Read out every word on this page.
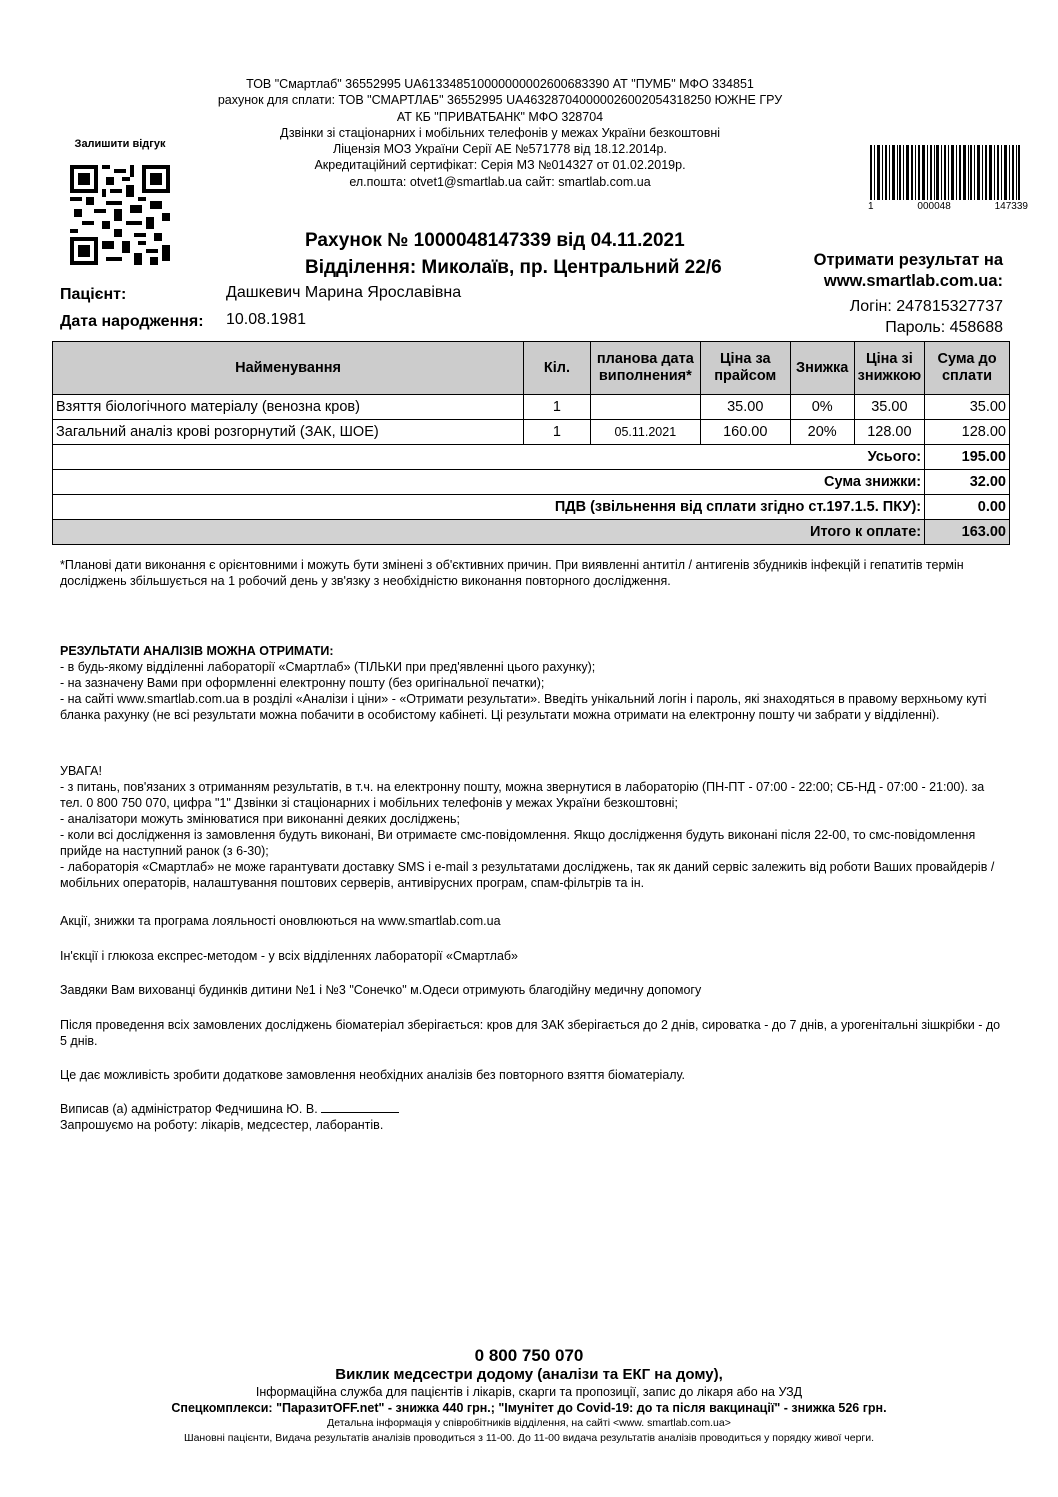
ТОВ "Смартлаб" 36552995 UA613348510000000002600683390 АТ "ПУМБ" МФО 334851
рахунок для сплати: ТОВ "СМАРТЛАБ" 36552995 UA463287040000026002054318250 ЮЖНЕ ГРУ
АТ КБ "ПРИВАТБАНК" МФО 328704
Дзвінки зі стаціонарних і мобільних телефонів у межах України безкоштовні
Ліцензія МОЗ України Серії АЕ №571778 від 18.12.2014р.
Акредитаційний сертифікат: Серія МЗ №014327 от 01.02.2019р.
ел.пошта: otvet1@smartlab.ua сайт: smartlab.com.ua
Залишити відгук
1	000048	147339
Рахунок № 1000048147339 від 04.11.2021
Відділення: Миколаїв, пр. Центральний 22/6	Отримати результат на
www.smartlab.com.ua:
Логін: 247815327737
Пароль: 458688
Пацієнт:	Дашкевич Марина Ярославівна
Дата народження: 10.08.1981
Найменування	Кіл.	планова дата виполнения*	Ціна за прайсом	Знижка	Ціна зі знижкою	Сума до сплати
Взяття біологічного матеріалу (венозна кров)	1		35.00	0%	35.00	35.00
Загальний аналіз крові розгорнутий (ЗАК, ШОЕ)	1	05.11.2021	160.00	20%	128.00	128.00
Усього:						195.00
Сума знижки:						32.00
ПДВ (звільнення від сплати згідно ст.197.1.5. ПКУ):						0.00
Итого к оплате:						163.00
*Планові дати виконання є орієнтовними і можуть бути змінені з об'єктивних причин. При виявленні антитіл / антигенів збудників інфекцій і гепатитів термін досліджень збільшується на 1 робочий день у зв'язку з необхідністю виконання повторного дослідження.
РЕЗУЛЬТАТИ АНАЛІЗІВ МОЖНА ОТРИМАТИ:
- в будь-якому відділенні лабораторії «Смартлаб» (ТІЛЬКИ при пред'явленні цього рахунку);
- на зазначену Вами при оформленні електронну пошту (без оригінальної печатки);
- на сайті www.smartlab.com.ua в розділі «Аналізи і ціни» - «Отримати результати». Введіть унікальний логін і пароль, які знаходяться в правому верхньому куті бланка рахунку (не всі результати можна побачити в особистому кабінеті. Ці результати можна отримати на електронну пошту чи забрати у відділенні).
УВАГА!
- з питань, пов'язаних з отриманням результатів, в т.ч. на електронну пошту, можна звернутися в лабораторію (ПН-ПТ - 07:00 - 22:00; СБ-НД - 07:00 - 21:00). за тел. 0 800 750 070, цифра "1" Дзвінки зі стаціонарних і мобільних телефонів у межах України безкоштовні;
- аналізатори можуть змінюватися при виконанні деяких досліджень;
- коли всі дослідження із замовлення будуть виконані, Ви отримаєте смс-повідомлення. Якщо дослідження будуть виконані після 22-00, то смс-повідомлення прийде на наступний ранок (з 6-30);
- лабораторія «Смартлаб» не може гарантувати доставку SMS і e-mail з результатами досліджень, так як даний сервіс залежить від роботи Ваших провайдерів / мобільних операторів, налаштування поштових серверів, антивірусних програм, спам-фільтрів та ін.
Акції, знижки та програма лояльності оновлюються на www.smartlab.com.ua
Ін'єкції і глюкоза експрес-методом - у всіх відділеннях лабораторії «Смартлаб»
Завдяки Вам вихованці будинків дитини №1 і №3 "Сонечко" м.Одеси отримують благодійну медичну допомогу
Після проведення всіх замовлених досліджень біоматеріал зберігається: кров для ЗАК зберігається до 2 днів, сироватка - до 7 днів, а урогенітальні зішкрібки - до 5 днів.
Це дає можливість зробити додаткове замовлення необхідних аналізів без повторного взяття біоматеріалу.
Виписав (а) адміністратор Федчишина Ю. В.
Запрошуємо на роботу: лікарів, медсестер, лаборантів.
0 800 750 070
Виклик медсестри додому (аналізи та ЕКГ на дому),
Інформаційна служба для пацієнтів і лікарів, скарги та пропозиції, запис до лікаря або на УЗД
Спецкомплекси: "ПаразитOFF.net" - знижка 440 грн.; "Імунітет до Covid-19: до та після вакцинації" - знижка 526 грн.
Детальна інформація у співробітників відділення, на сайті <www. smartlab.com.ua>
Шановні пацієнти, Видача результатів аналізів проводиться з 11-00. До 11-00 видача результатів аналізів проводиться у порядку живої черги.
